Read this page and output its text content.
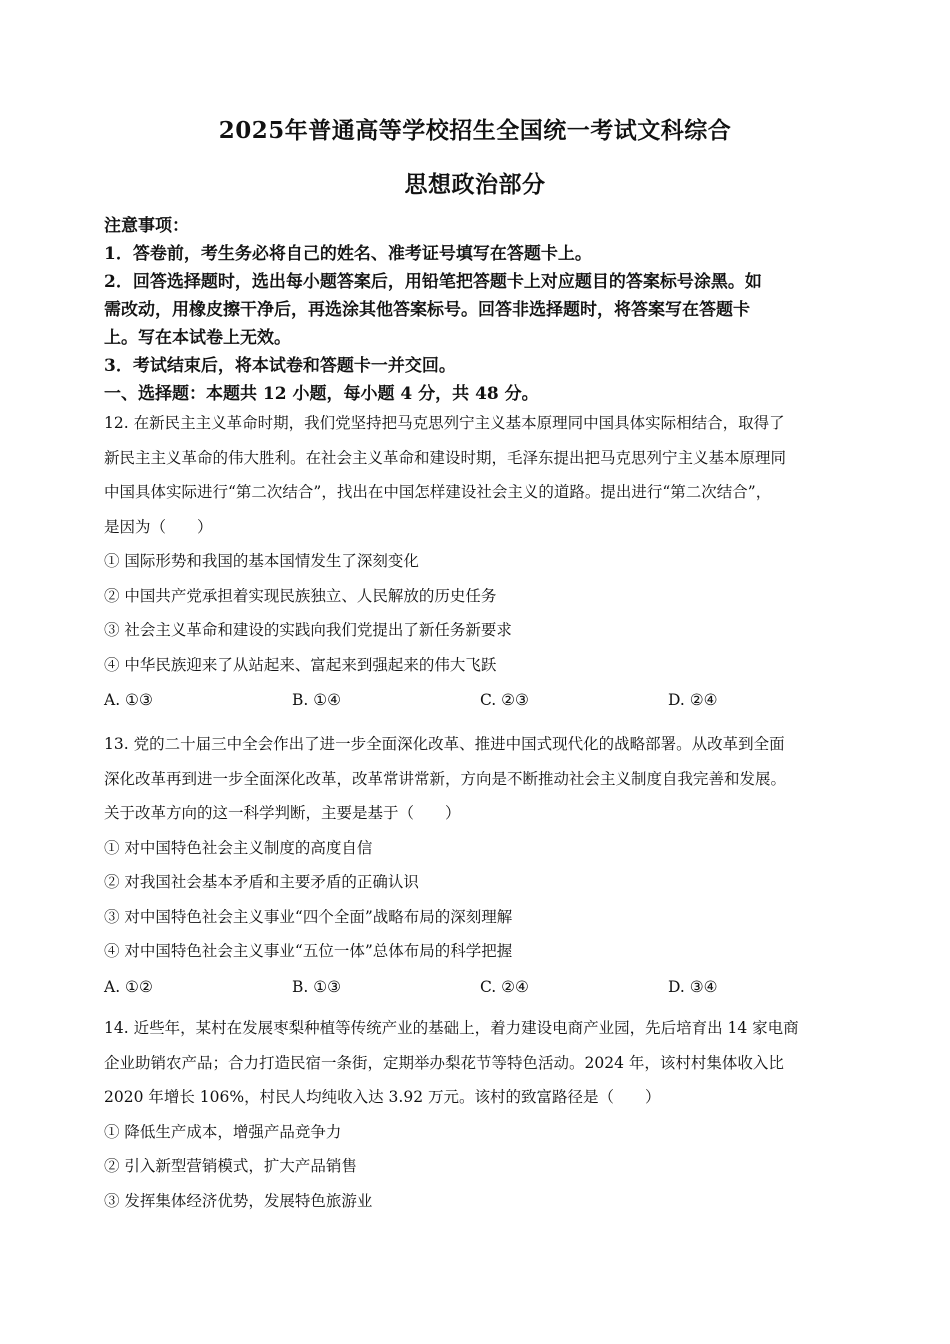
2025年普通高等学校招生全国统一考试文科综合
思想政治部分
注意事项：
1．答卷前，考生务必将自己的姓名、准考证号填写在答题卡上。
2．回答选择题时，选出每小题答案后，用铅笔把答题卡上对应题目的答案标号涂黑。如
需改动，用橡皮擦干净后，再选涂其他答案标号。回答非选择题时，将答案写在答题卡
上。写在本试卷上无效。
3．考试结束后，将本试卷和答题卡一并交回。
一、选择题：本题共 12 小题，每小题 4 分，共 48 分。
12. 在新民主主义革命时期，我们党坚持把马克思列宁主义基本原理同中国具体实际相结合，取得了
新民主主义革命的伟大胜利。在社会主义革命和建设时期，毛泽东提出把马克思列宁主义基本原理同
中国具体实际进行“第二次结合”，找出在中国怎样建设社会主义的道路。提出进行“第二次结合”，
是因为（　　）
① 国际形势和我国的基本国情发生了深刻变化
② 中国共产党承担着实现民族独立、人民解放的历史任务
③ 社会主义革命和建设的实践向我们党提出了新任务新要求
④ 中华民族迎来了从站起来、富起来到强起来的伟大飞跃
A. ①③	B. ①④	C. ②③	D. ②④
13. 党的二十届三中全会作出了进一步全面深化改革、推进中国式现代化的战略部署。从改革到全面
深化改革再到进一步全面深化改革，改革常讲常新，方向是不断推动社会主义制度自我完善和发展。
关于改革方向的这一科学判断，主要是基于（　　）
① 对中国特色社会主义制度的高度自信
② 对我国社会基本矛盾和主要矛盾的正确认识
③ 对中国特色社会主义事业“四个全面”战略布局的深刻理解
④ 对中国特色社会主义事业“五位一体”总体布局的科学把握
A. ①②	B. ①③	C. ②④	D. ③④
14. 近些年，某村在发展枣梨种植等传统产业的基础上，着力建设电商产业园，先后培育出 14 家电商
企业助销农产品；合力打造民宿一条街，定期举办梨花节等特色活动。2024 年，该村村集体收入比
2020 年增长 106%，村民人均纯收入达 3.92 万元。该村的致富路径是（　　）
① 降低生产成本，增强产品竞争力
② 引入新型营销模式，扩大产品销售
③ 发挥集体经济优势，发展特色旅游业
